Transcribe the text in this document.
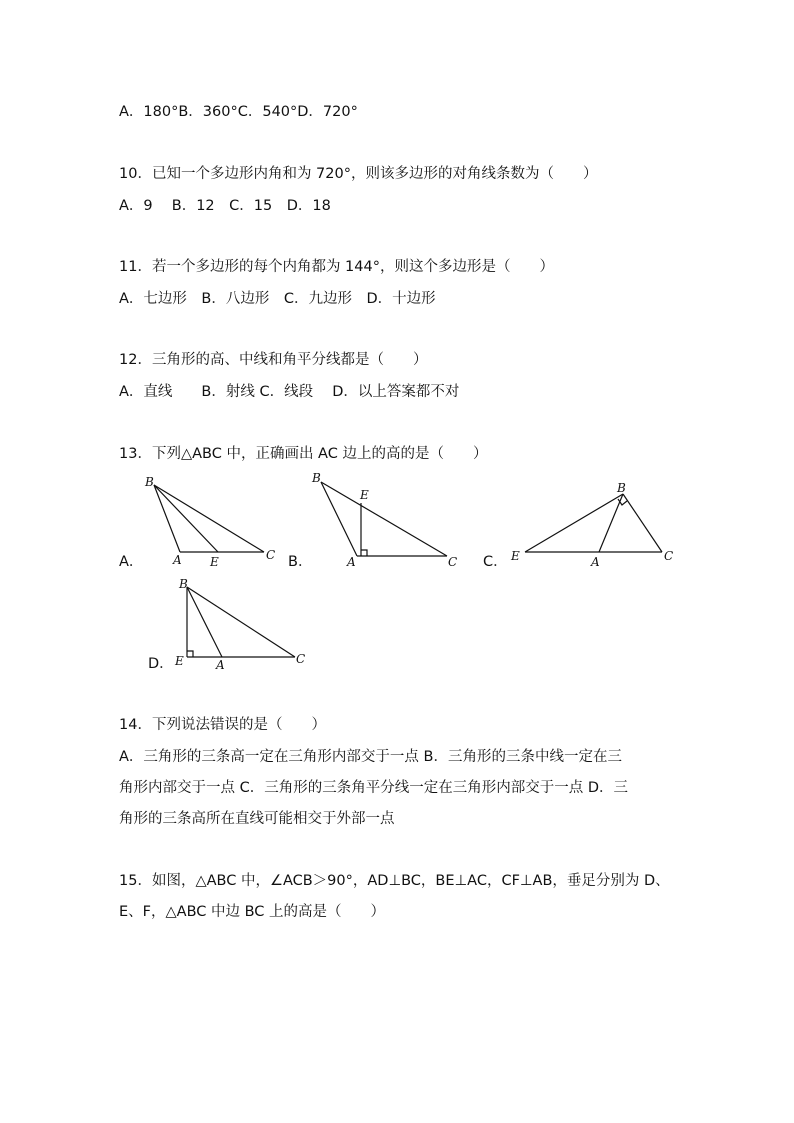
A．180°B．360°C．540°D．720°
10．已知一个多边形内角和为 720°，则该多边形的对角线条数为（　　）
A．9　 B．12　C．15　D．18
11．若一个多边形的每个内角都为 144°，则这个多边形是（　　）
A．七边形　B．八边形　C．九边形　D．十边形
12．三角形的高、中线和角平分线都是（　　）
A．直线　　B．射线 C．线段　 D．以上答案都不对
13．下列△ABC 中，正确画出 AC 边上的高的是（　　）
A．
B
A E	C B．
B
E
A	C C．
B
E	A	C
D．
B
E	A	C
14．下列说法错误的是（　　）
A．三角形的三条高一定在三角形内部交于一点 B．三角形的三条中线一定在三
角形内部交于一点 C．三角形的三条角平分线一定在三角形内部交于一点 D．三
角形的三条高所在直线可能相交于外部一点
15．如图，△ABC 中，∠ACB＞90°，AD⊥BC，BE⊥AC，CF⊥AB，垂足分别为 D、
E、F，△ABC 中边 BC 上的高是（　　）
